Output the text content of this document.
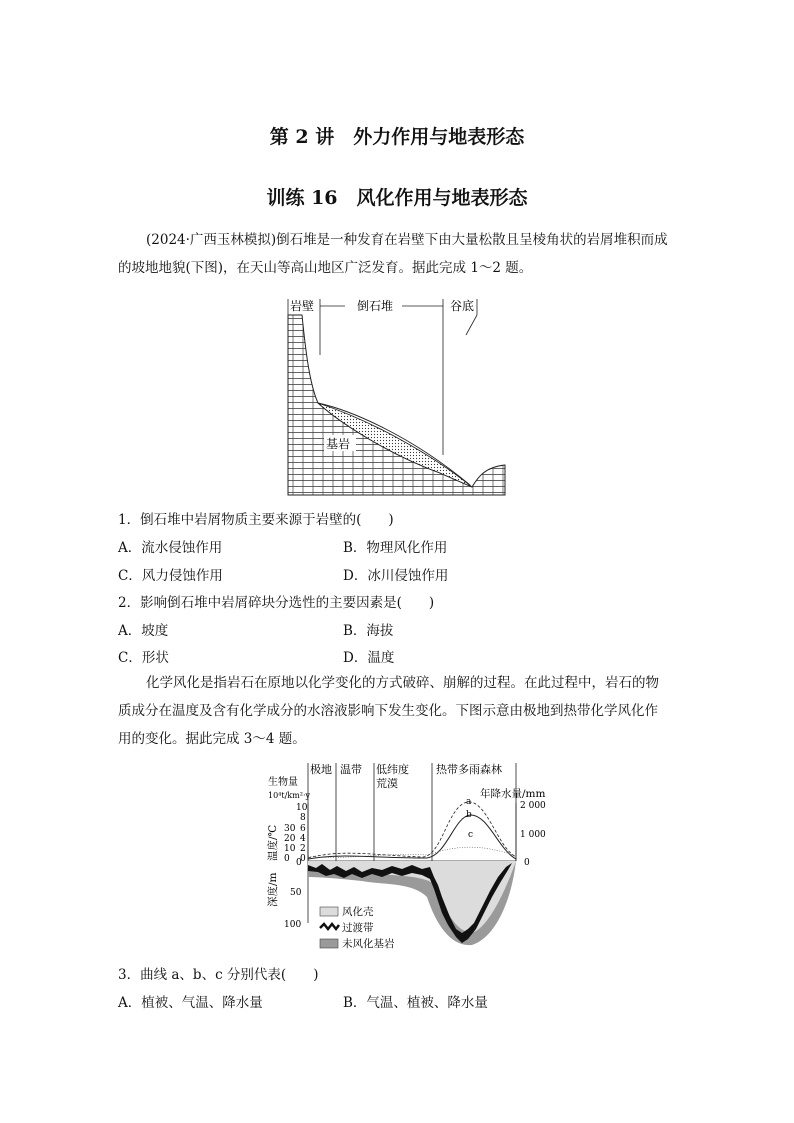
第 2 讲　外力作用与地表形态
训练 16　风化作用与地表形态
(2024·广西玉林模拟)倒石堆是一种发育在岩壁下由大量松散且呈棱角状的岩屑堆积而成
的坡地地貌(下图)，在天山等高山地区广泛发育。据此完成 1～2 题。
岩壁	倒石堆	谷底
基岩
1．倒石堆中岩屑物质主要来源于岩壁的(　　)
A．流水侵蚀作用	B．物理风化作用
C．风力侵蚀作用	D．冰川侵蚀作用
2．影响倒石堆中岩屑碎块分选性的主要因素是(　　)
A．坡度	B．海拔
C．形状	D．温度
化学风化是指岩石在原地以化学变化的方式破碎、崩解的过程。在此过程中，岩石的物
质成分在温度及含有化学成分的水溶液影响下发生变化。下图示意由极地到热带化学风化作
用的变化。据此完成 3～4 题。
极地 温带 低纬度
荒漠
热带多雨森林
生物量
10⁴t/km²·y	年降水量/mm
温度/℃
深度/m
10
8
6
4
2
0
30
20
10
0
2 000
1 000
0
a
b
c
0
50
100
风化壳
过渡带
未风化基岩
3．曲线 a、b、c 分别代表(　　)
A．植被、气温、降水量	B．气温、植被、降水量
